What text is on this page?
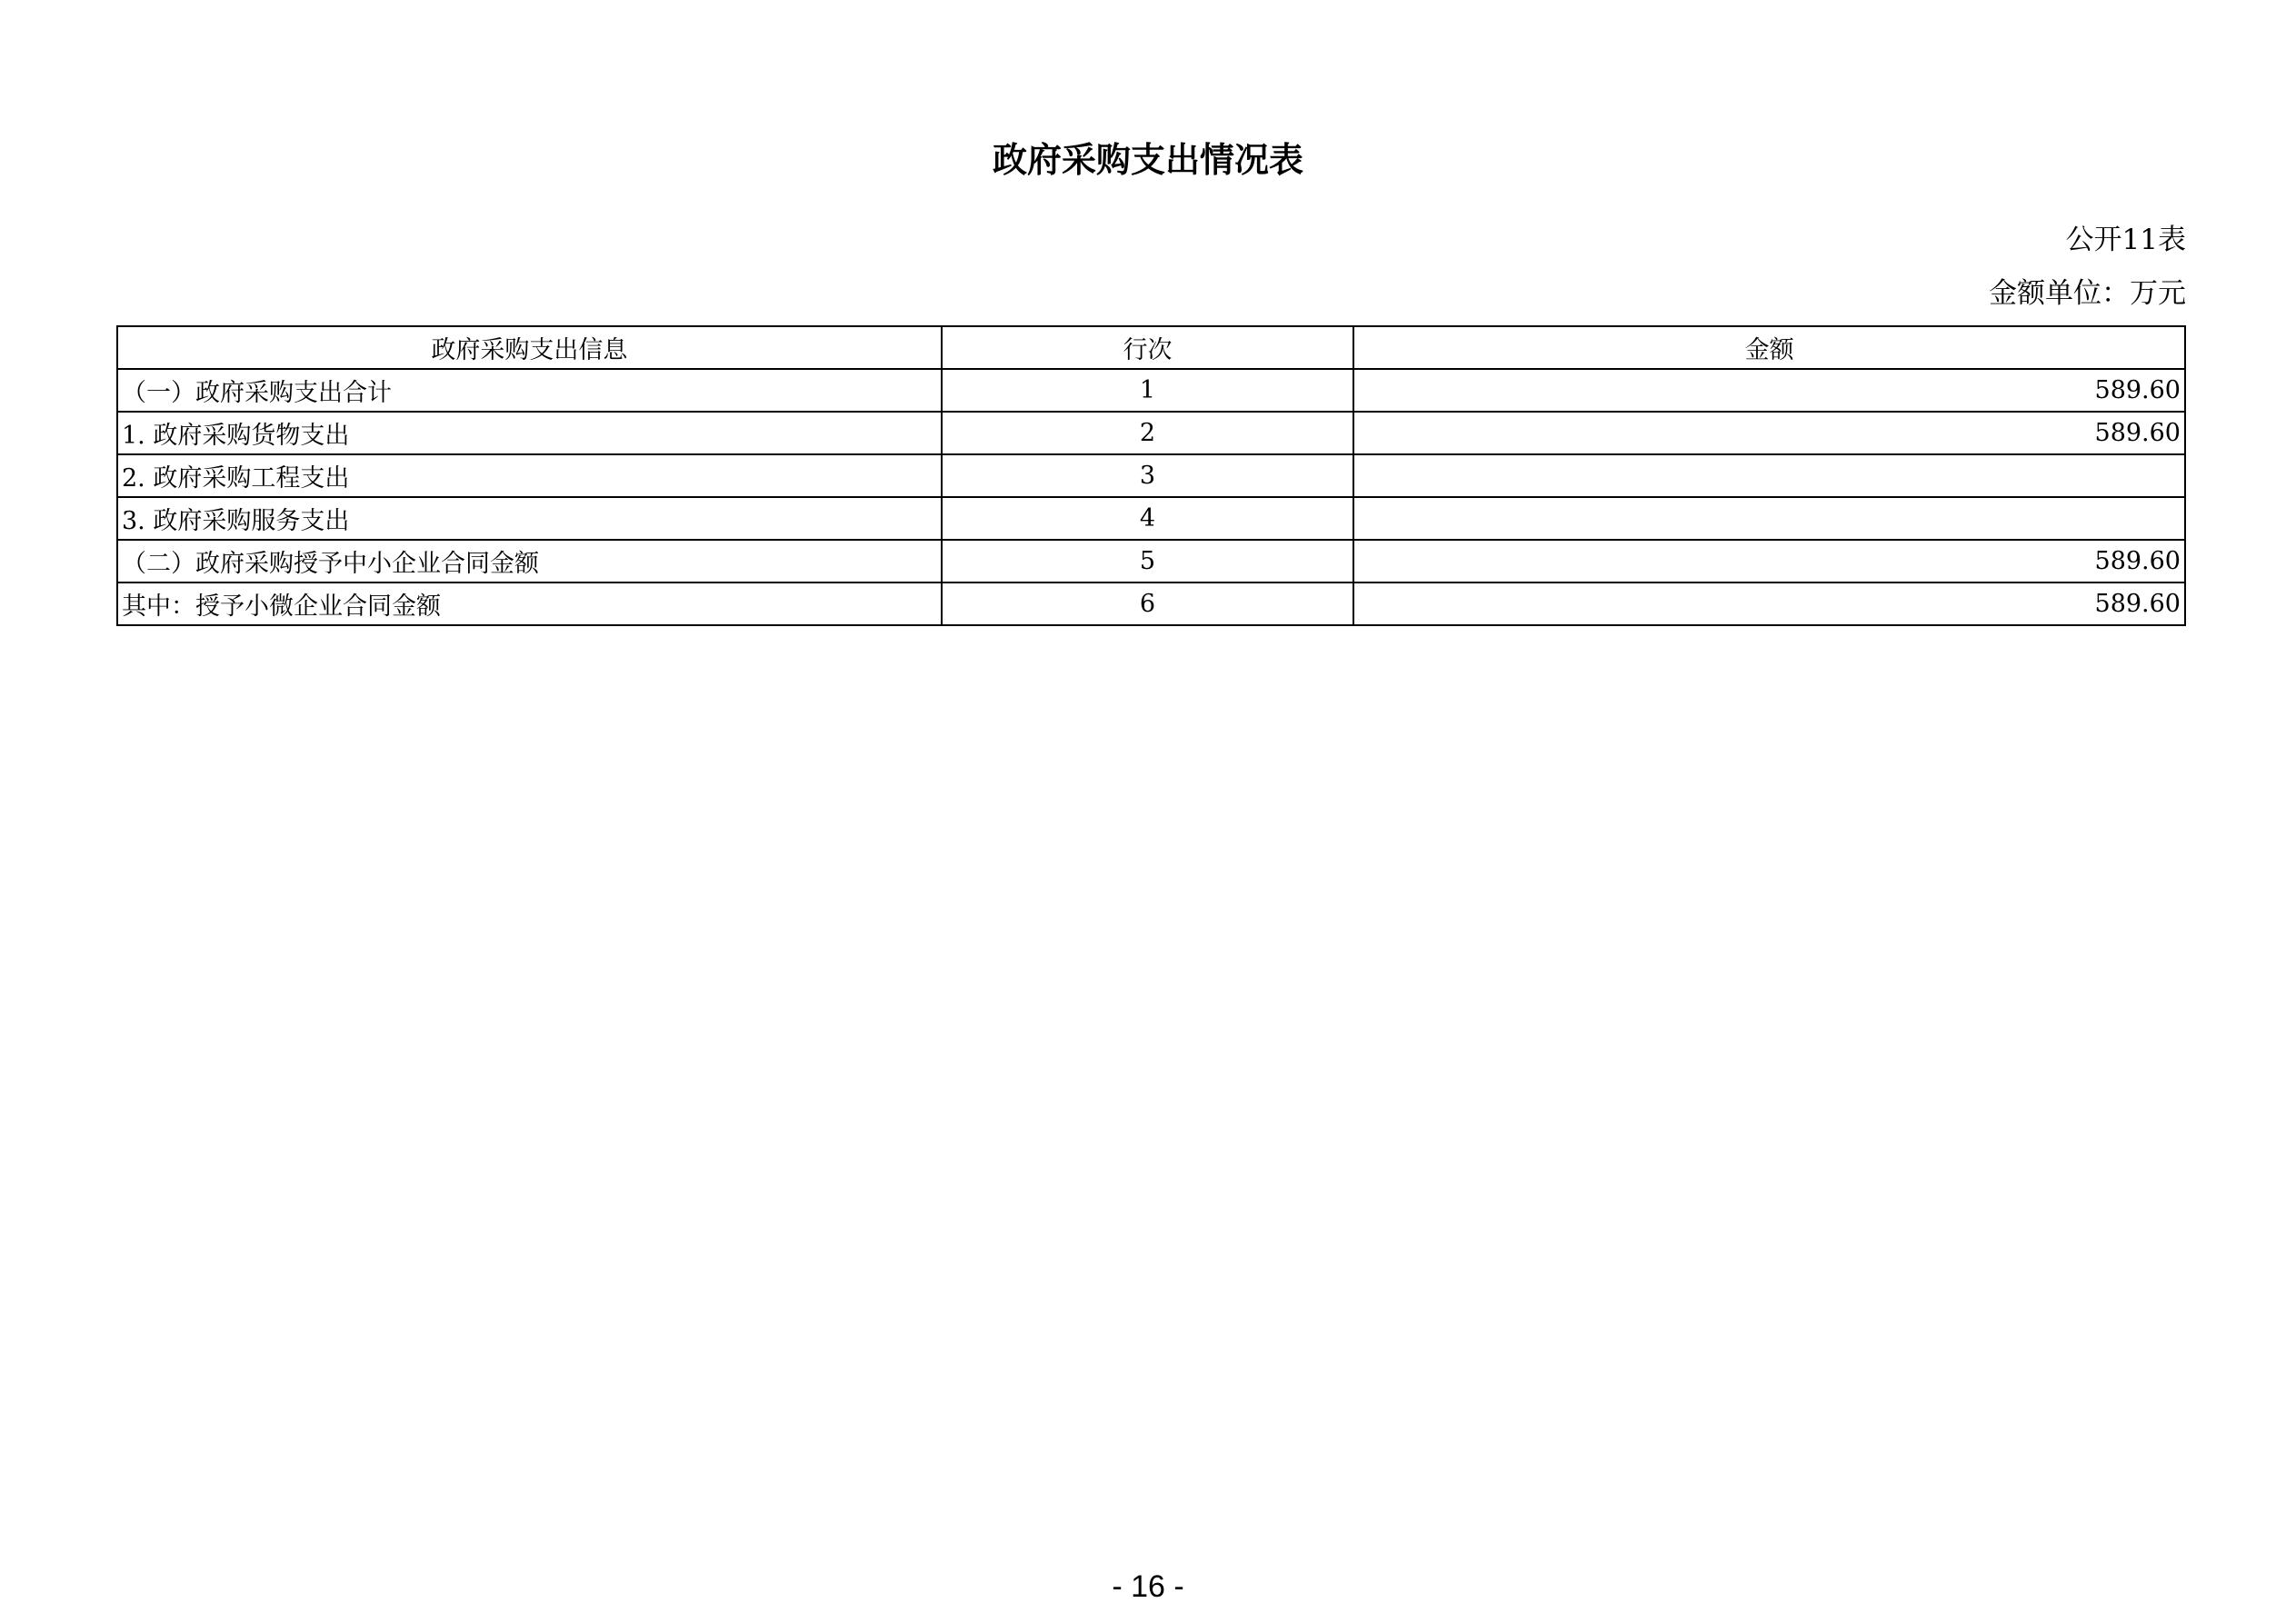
政府采购支出情况表
公开11表
金额单位：万元
政府采购支出信息	行次	金额
（一）政府采购支出合计	1	589.60
1. 政府采购货物支出	2	589.60
2. 政府采购工程支出	3	
3. 政府采购服务支出	4	
（二）政府采购授予中小企业合同金额	5	589.60
其中：授予小微企业合同金额	6	589.60
- 16 -
